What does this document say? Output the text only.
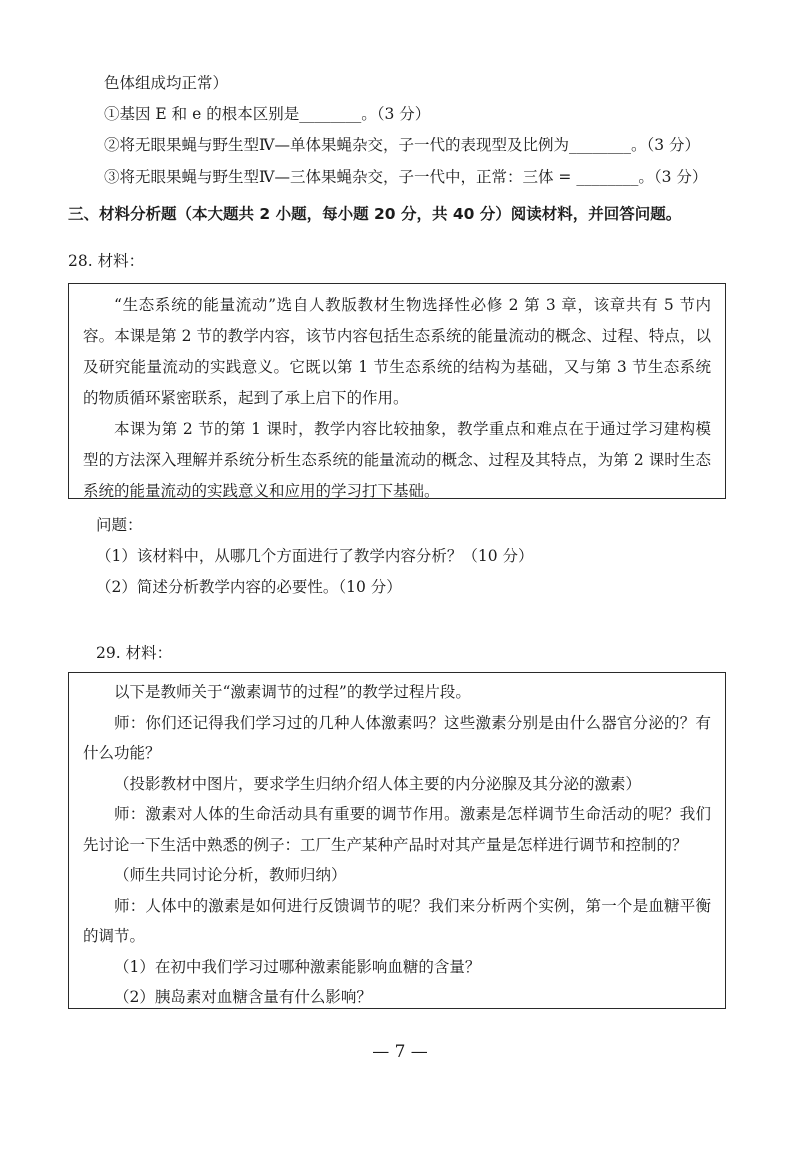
色体组成均正常）
①基因 E 和 e 的根本区别是________。（3 分）
②将无眼果蝇与野生型Ⅳ—单体果蝇杂交，子一代的表现型及比例为________。（3 分）
③将无眼果蝇与野生型Ⅳ—三体果蝇杂交，子一代中，正常：三体 = ________。（3 分）
三、材料分析题（本大题共 2 小题，每小题 20 分，共 40 分）阅读材料，并回答问题。
28. 材料：

“生态系统的能量流动”选自人教版教材生物选择性必修 2 第 3 章，该章共有 5 节内容。本课是第 2 节的教学内容，该节内容包括生态系统的能量流动的概念、过程、特点，以及研究能量流动的实践意义。它既以第 1 节生态系统的结构为基础，又与第 3 节生态系统的物质循环紧密联系，起到了承上启下的作用。

本课为第 2 节的第 1 课时，教学内容比较抽象，教学重点和难点在于通过学习建构模型的方法深入理解并系统分析生态系统的能量流动的概念、过程及其特点，为第 2 课时生态系统的能量流动的实践意义和应用的学习打下基础。

问题：
（1）该材料中，从哪几个方面进行了教学内容分析？（10 分）
（2）简述分析教学内容的必要性。（10 分）
29. 材料：

以下是教师关于“激素调节的过程”的教学过程片段。

师：你们还记得我们学习过的几种人体激素吗？这些激素分别是由什么器官分泌的？有什么功能？

（投影教材中图片，要求学生归纳介绍人体主要的内分泌腺及其分泌的激素）

师：激素对人体的生命活动具有重要的调节作用。激素是怎样调节生命活动的呢？我们先讨论一下生活中熟悉的例子：工厂生产某种产品时对其产量是怎样进行调节和控制的？

（师生共同讨论分析，教师归纳）

师：人体中的激素是如何进行反馈调节的呢？我们来分析两个实例，第一个是血糖平衡的调节。

（1）在初中我们学习过哪种激素能影响血糖的含量？

（2）胰岛素对血糖含量有什么影响？

— 7 —
